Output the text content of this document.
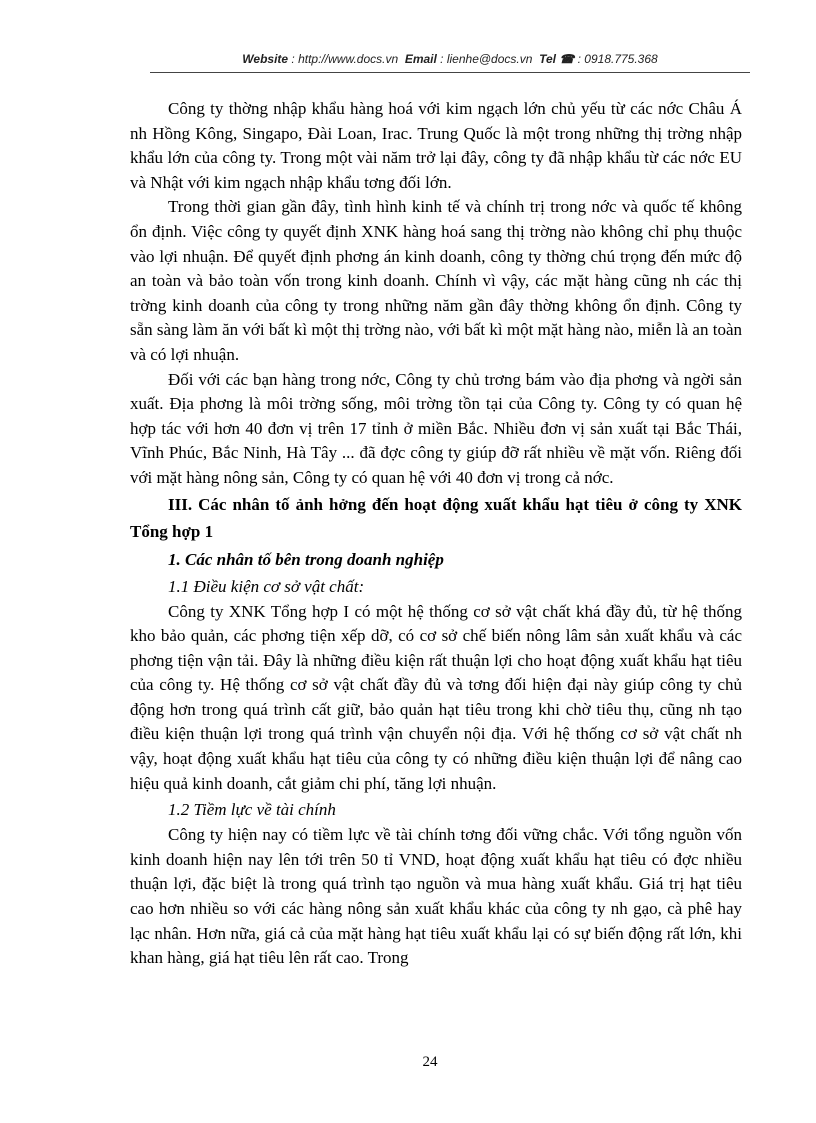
Website : http://www.docs.vn Email : lienhe@docs.vn Tel ☎ : 0918.775.368

Công ty thờng nhập khẩu hàng hoá với kim ngạch lớn chủ yếu từ các nớc Châu Á nh Hồng Kông, Singapo, Đài Loan, Irac. Trung Quốc là một trong những thị trờng nhập khẩu lớn của công ty. Trong một vài năm trở lại đây, công ty đã nhập khẩu từ các nớc EU và Nhật với kim ngạch nhập khẩu tơng đối lớn.

Trong thời gian gần đây, tình hình kinh tế và chính trị trong nớc và quốc tế không ổn định. Việc công ty quyết định XNK hàng hoá sang thị trờng nào không chỉ phụ thuộc vào lợi nhuận. Để quyết định phơng án kinh doanh, công ty thờng chú trọng đến mức độ an toàn và bảo toàn vốn trong kinh doanh. Chính vì vậy, các mặt hàng cũng nh các thị trờng kinh doanh của công ty trong những năm gần đây thờng không ổn định. Công ty sẵn sàng làm ăn với bất kì một thị trờng nào, với bất kì một mặt hàng nào, miễn là an toàn và có lợi nhuận.

Đối với các bạn hàng trong nớc, Công ty chủ trơng bám vào địa phơng và ngời sản xuất. Địa phơng là môi trờng sống, môi trờng tồn tại của Công ty. Công ty có quan hệ hợp tác với hơn 40 đơn vị trên 17 tỉnh ở miền Bắc. Nhiều đơn vị sản xuất tại Bắc Thái, Vĩnh Phúc, Bắc Ninh, Hà Tây ... đã đợc công ty giúp đỡ rất nhiều về mặt vốn. Riêng đối với mặt hàng nông sản, Công ty có quan hệ với 40 đơn vị trong cả nớc.

III. Các nhân tố ảnh hởng đến hoạt động xuất khẩu hạt tiêu ở công ty XNK Tổng hợp 1

1. Các nhân tố bên trong doanh nghiệp

1.1 Điều kiện cơ sở vật chất:

Công ty XNK Tổng hợp I có một hệ thống cơ sở vật chất khá đầy đủ, từ hệ thống kho bảo quản, các phơng tiện xếp dỡ, có cơ sở chế biến nông lâm sản xuất khẩu và các phơng tiện vận tải. Đây là những điều kiện rất thuận lợi cho hoạt động xuất khẩu hạt tiêu của công ty. Hệ thống cơ sở vật chất đầy đủ và tơng đối hiện đại này giúp công ty chủ động hơn trong quá trình cất giữ, bảo quản hạt tiêu trong khi chờ tiêu thụ, cũng nh tạo điều kiện thuận lợi trong quá trình vận chuyển nội địa. Với hệ thống cơ sở vật chất nh vậy, hoạt động xuất khẩu hạt tiêu của công ty có những điều kiện thuận lợi để nâng cao hiệu quả kinh doanh, cắt giảm chi phí, tăng lợi nhuận.

1.2 Tiềm lực về tài chính

Công ty hiện nay có tiềm lực về tài chính tơng đối vững chắc. Với tổng nguồn vốn kinh doanh hiện nay lên tới trên 50 tỉ VND, hoạt động xuất khẩu hạt tiêu có đợc nhiều thuận lợi, đặc biệt là trong quá trình tạo nguồn và mua hàng xuất khẩu. Giá trị hạt tiêu cao hơn nhiều so với các hàng nông sản xuất khẩu khác của công ty nh gạo, cà phê hay lạc nhân. Hơn nữa, giá cả của mặt hàng hạt tiêu xuất khẩu lại có sự biến động rất lớn, khi khan hàng, giá hạt tiêu lên rất cao. Trong

24
